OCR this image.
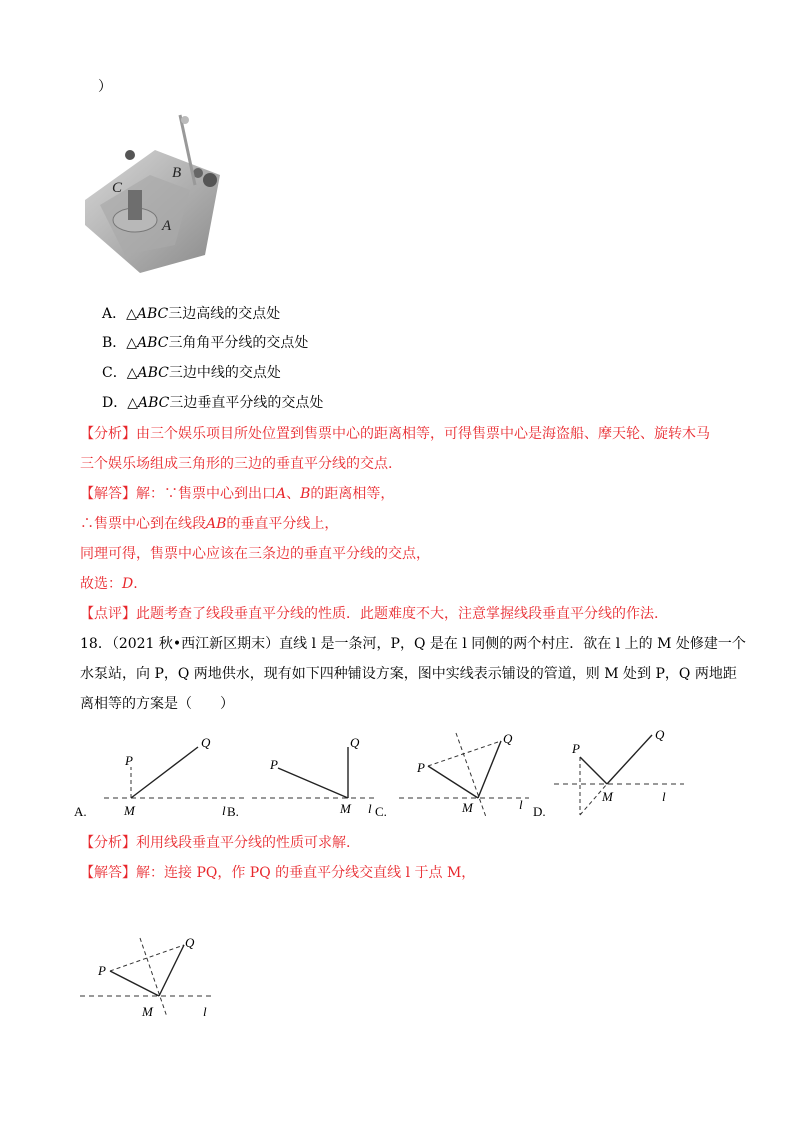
）
C
B
A
A．△ABC三边高线的交点处
B．△ABC三角角平分线的交点处
C．△ABC三边中线的交点处
D．△ABC三边垂直平分线的交点处
【分析】由三个娱乐项目所处位置到售票中心的距离相等，可得售票中心是海盗船、摩天轮、旋转木马
三个娱乐场组成三角形的三边的垂直平分线的交点.
【解答】解：∵售票中心到出口A、B的距离相等，
∴售票中心到在线段AB的垂直平分线上，
同理可得，售票中心应该在三条边的垂直平分线的交点，
故选：D.
【点评】此题考查了线段垂直平分线的性质．此题难度不大，注意掌握线段垂直平分线的作法.
18．（2021 秋•西江新区期末）直线 l 是一条河，P，Q 是在 l 同侧的两个村庄．欲在 l 上的 M 处修建一个
水泵站，向 P，Q 两地供水，现有如下四种铺设方案，图中实线表示铺设的管道，则 M 处到 P，Q 两地距
离相等的方案是（　　）
P
Q
M	l
A.
P
Q
M l
B.
P
Q
M	l
C.
P
Q
M	l
D.
【分析】利用线段垂直平分线的性质可求解.
【解答】解：连接 PQ，作 PQ 的垂直平分线交直线 l 于点 M，
P
Q
M	l
